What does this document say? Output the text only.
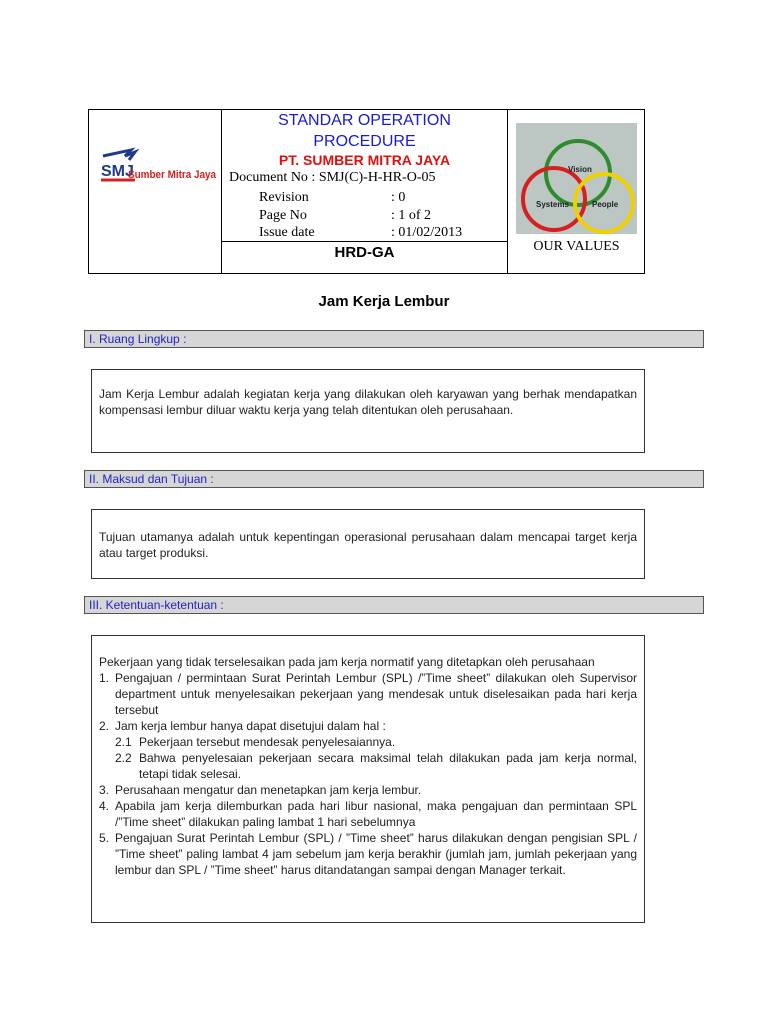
SMJ
Sumber Mitra Jaya
STANDAR OPERATION
PROCEDURE
PT. SUMBER MITRA JAYA
Document No : SMJ(C)-H-HR-O-05
Revision	: 0
Page No	: 1 of 2
Issue date	: 01/02/2013
HRD-GA
Vision
Systems	People
OUR VALUES
Jam Kerja Lembur
I. Ruang Lingkup :
Jam Kerja Lembur adalah kegiatan kerja yang dilakukan oleh karyawan yang berhak mendapatkan kompensasi lembur diluar waktu kerja yang telah ditentukan oleh perusahaan.
II. Maksud dan Tujuan :
Tujuan utamanya adalah untuk kepentingan operasional perusahaan dalam mencapai target kerja atau target produksi.
III. Ketentuan-ketentuan :
Pekerjaan yang tidak terselesaikan pada jam kerja normatif yang ditetapkan oleh perusahaan
1. Pengajuan / permintaan Surat Perintah Lembur (SPL) /”Time sheet” dilakukan oleh Supervisor department untuk menyelesaikan pekerjaan yang mendesak untuk diselesaikan pada hari kerja tersebut
2. Jam kerja lembur hanya dapat disetujui dalam hal :
2.1 Pekerjaan tersebut mendesak penyelesaiannya.
2.2 Bahwa penyelesaian pekerjaan secara maksimal telah dilakukan pada jam kerja normal, tetapi tidak selesai.
3. Perusahaan mengatur dan menetapkan jam kerja lembur.
4. Apabila jam kerja dilemburkan pada hari libur nasional, maka pengajuan dan permintaan SPL /”Time sheet” dilakukan paling lambat 1 hari sebelumnya
5. Pengajuan Surat Perintah Lembur (SPL) / ”Time sheet” harus dilakukan dengan pengisian SPL / ”Time sheet” paling lambat 4 jam sebelum jam kerja berakhir (jumlah jam, jumlah pekerjaan yang lembur dan SPL / ”Time sheet” harus ditandatangan sampai dengan Manager terkait.
